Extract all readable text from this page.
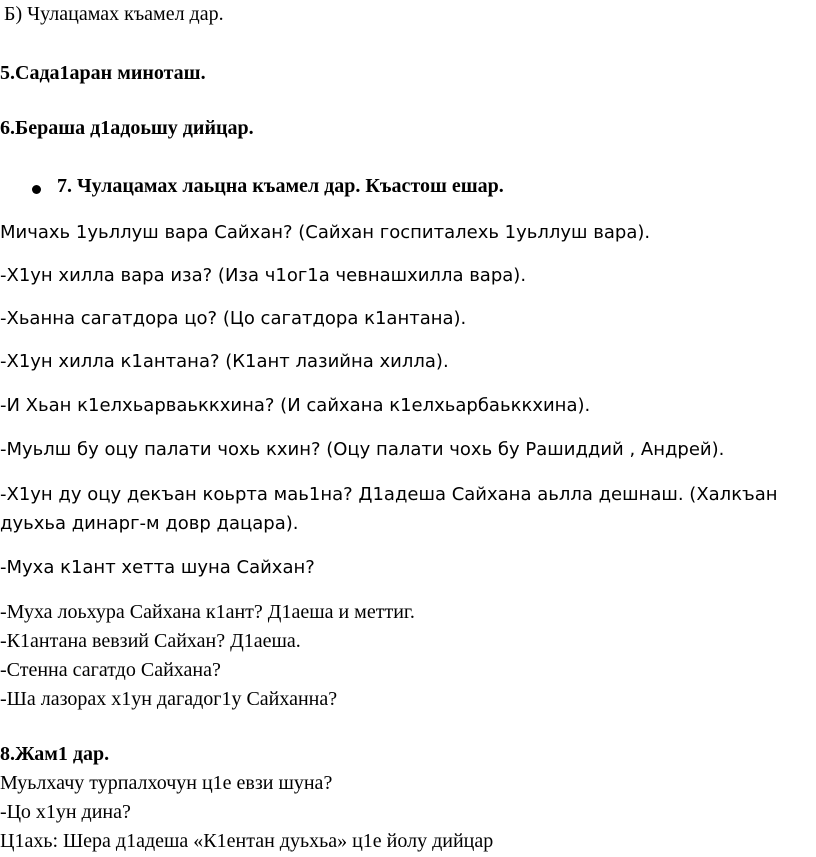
Б) Чулацамах къамел дар.
5.Сада1аран миноташ.
6.Бераша д1адоьшу дийцар.
7. Чулацамах лаьцна къамел дар. Къастош ешар.
Мичахь 1уьллуш вара Сайхан? (Сайхан госпиталехь 1уьллуш вара).
-Х1ун хилла вара иза? (Иза ч1ог1а чевнашхилла вара).
-Хьанна сагатдора цо? (Цо сагатдора к1антана).
-Х1ун хилла к1антана? (К1ант лазийна хилла).
-И Хьан к1елхьарваьккхина? (И сайхана к1елхьарбаьккхина).
-Муьлш бу оцу палати чохь кхин? (Оцу палати чохь бу Рашиддий , Андрей).
-Х1ун ду оцу декъан коьрта маь1на? Д1адеша Сайхана аьлла дешнаш. (Халкъан
дуьхьа динарг-м довр дацара).
-Муха к1ант хетта шуна Сайхан?
-Муха лоьхура Сайхана к1ант? Д1аеша и меттиг.
-К1антана вевзий Сайхан? Д1аеша.
-Стенна сагатдо Сайхана?
-Ша лазорах х1ун дагадог1у Сайханна?
8.Жам1 дар.
Муьлхачу турпалхочун ц1е евзи шуна?
-Цо х1ун дина?
Ц1ахь: Шера д1адеша «К1ентан дуьхьа» ц1е йолу дийцар
